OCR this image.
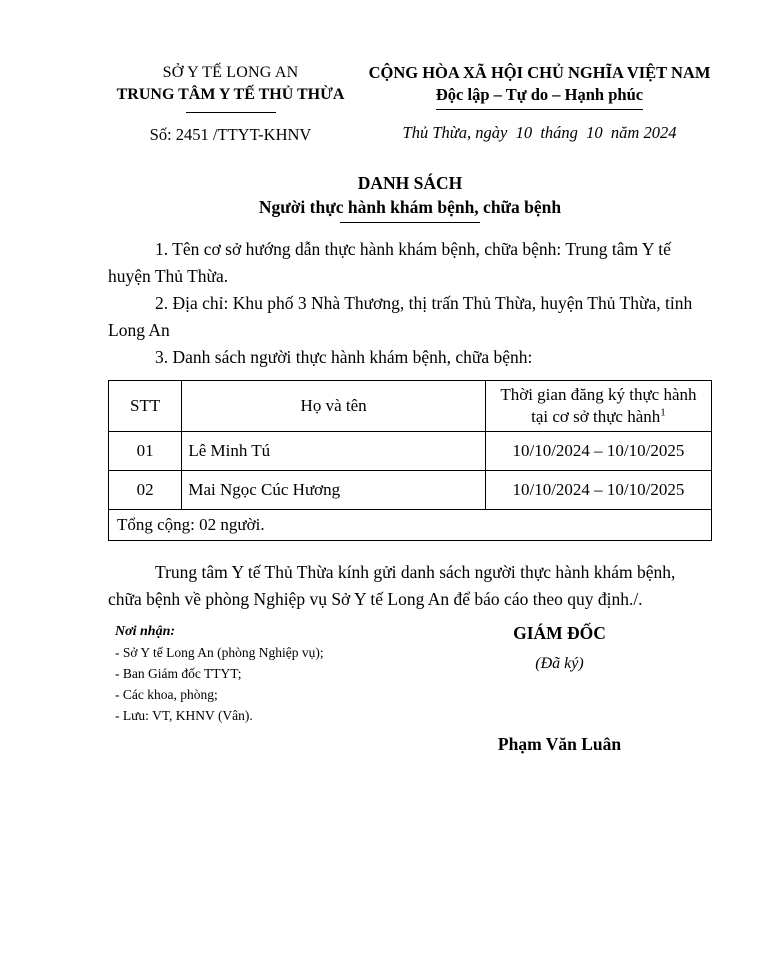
SỞ Y TẾ LONG AN
TRUNG TÂM Y TẾ THỦ THỪA
Số: 2451 /TTYT-KHNV
CỘNG HÒA XÃ HỘI CHỦ NGHĨA VIỆT NAM
Độc lập – Tự do – Hạnh phúc
Thủ Thừa, ngày  10  tháng  10  năm 2024
DANH SÁCH
Người thực hành khám bệnh, chữa bệnh

1. Tên cơ sở hướng dẫn thực hành khám bệnh, chữa bệnh: Trung tâm Y tế huyện Thủ Thừa.

2. Địa chỉ: Khu phố 3 Nhà Thương, thị trấn Thủ Thừa, huyện Thủ Thừa, tỉnh Long An

3. Danh sách người thực hành khám bệnh, chữa bệnh:

STT	Họ và tên	Thời gian đăng ký thực hành tại cơ sở thực hành$^1$
01	Lê Minh Tú	10/10/2024 – 10/10/2025
02	Mai Ngọc Cúc Hương	10/10/2024 – 10/10/2025
Tổng cộng: 02 người.		

Trung tâm Y tế Thủ Thừa kính gửi danh sách người thực hành khám bệnh, chữa bệnh về phòng Nghiệp vụ Sở Y tế Long An để báo cáo theo quy định./.

Nơi nhận:
- Sở Y tế Long An (phòng Nghiệp vụ);
- Ban Giám đốc TTYT;
- Các khoa, phòng;
- Lưu: VT, KHNV (Vân).
GIÁM ĐỐC
(Đã ký)
Phạm Văn Luân
